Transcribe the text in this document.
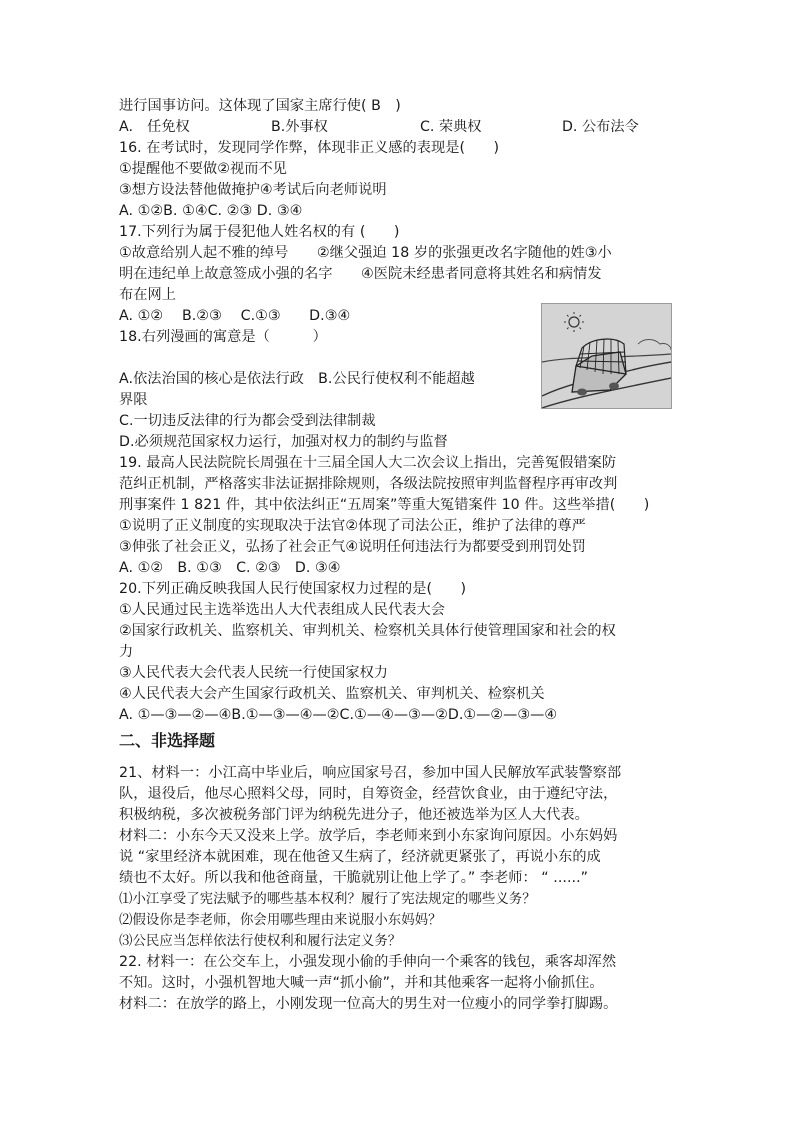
进行国事访问。这体现了国家主席行使( B　)
A.　任免权	B.外事权	C. 荣典权	D. 公布法令
16. 在考试时，发现同学作弊，体现非正义感的表现是(　　)
①提醒他不要做②视而不见
③想方设法替他做掩护④考试后向老师说明
A. ①②B. ①④C. ②③ D. ③④
17.下列行为属于侵犯他人姓名权的有 (　　)
①故意给别人起不雅的绰号　　②继父强迫 18 岁的张强更改名字随他的姓③小
明在违纪单上故意签成小强的名字　　④医院未经患者同意将其姓名和病情发
布在网上
A. ①②　 B.②③　 C.①③　　D.③④
18.右列漫画的寓意是（　　　）
A.依法治国的核心是依法行政　B.公民行使权利不能超越
界限
C.一切违反法律的行为都会受到法律制裁
D.必须规范国家权力运行，加强对权力的制约与监督
19. 最高人民法院院长周强在十三届全国人大二次会议上指出，完善冤假错案防
范纠正机制，严格落实非法证据排除规则，各级法院按照审判监督程序再审改判
刑事案件 1 821 件，其中依法纠正“五周案”等重大冤错案件 10 件。这些举措(　　)
①说明了正义制度的实现取决于法官②体现了司法公正，维护了法律的尊严
③伸张了社会正义，弘扬了社会正气④说明任何违法行为都要受到刑罚处罚
A. ①②　B. ①③　C. ②③　D. ③④
20.下列正确反映我国人民行使国家权力过程的是(　　)
①人民通过民主选举选出人大代表组成人民代表大会
②国家行政机关、监察机关、审判机关、检察机关具体行使管理国家和社会的权
力
③人民代表大会代表人民统一行使国家权力
④人民代表大会产生国家行政机关、监察机关、审判机关、检察机关
A. ①—③—②—④B.①—③—④—②C.①—④—③—②D.①—②—③—④
二、非选择题
21、材料一：小江高中毕业后，响应国家号召，参加中国人民解放军武装警察部
队，退役后，他尽心照料父母，同时，自筹资金，经营饮食业，由于遵纪守法，
积极纳税，多次被税务部门评为纳税先进分子，他还被选举为区人大代表。
材料二：小东今天又没来上学。放学后，李老师来到小东家询问原因。小东妈妈
说 “家里经济本就困难，现在他爸又生病了，经济就更紧张了，再说小东的成
绩也不太好。所以我和他爸商量，干脆就别让他上学了。” 李老师： “ ......”
⑴小江享受了宪法赋予的哪些基本权利？履行了宪法规定的哪些义务？
⑵假设你是李老师，你会用哪些理由来说服小东妈妈？
⑶公民应当怎样依法行使权利和履行法定义务？
22. 材料一：在公交车上，小强发现小偷的手伸向一个乘客的钱包，乘客却浑然
不知。这时，小强机智地大喊一声“抓小偷”，并和其他乘客一起将小偷抓住。
材料二：在放学的路上，小刚发现一位高大的男生对一位瘦小的同学拳打脚踢。
